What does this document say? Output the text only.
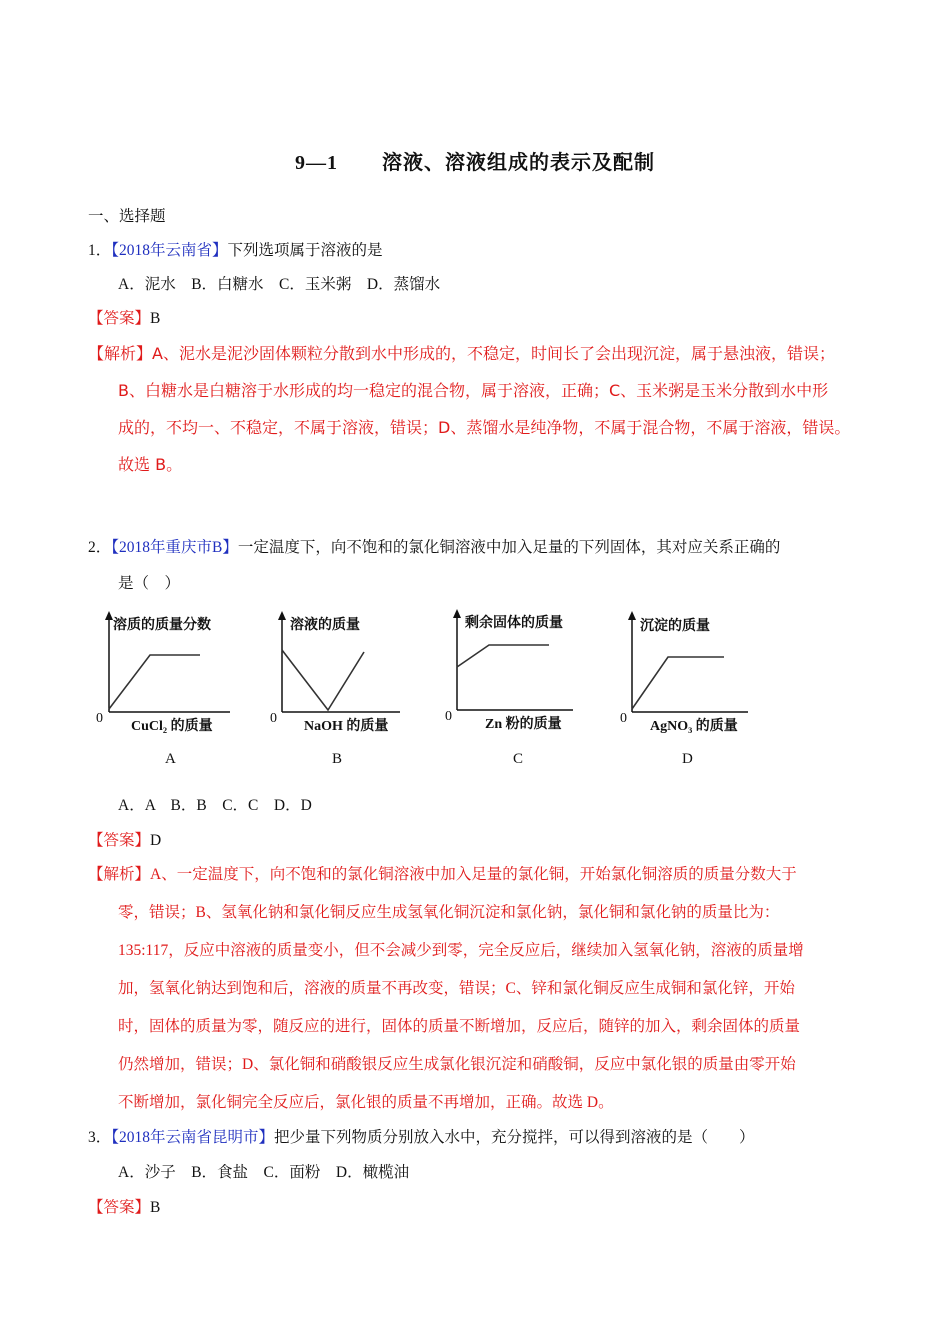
9—1 溶液、溶液组成的表示及配制
一、选择题
1．【2018年云南省】下列选项属于溶液的是
A．泥水　B．白糖水　C．玉米粥　D．蒸馏水
【答案】B
【解析】A、泥水是泥沙固体颗粒分散到水中形成的，不稳定，时间长了会出现沉淀，属于悬浊液，错误；
B、白糖水是白糖溶于水形成的均一稳定的混合物，属于溶液，正确；C、玉米粥是玉米分散到水中形
成的，不均一、不稳定，不属于溶液，错误；D、蒸馏水是纯净物，不属于混合物，不属于溶液，错误。
故选 B。
2．【2018年重庆市B】一定温度下，向不饱和的氯化铜溶液中加入足量的下列固体，其对应关系正确的
是（　）
溶质的质量分数
0
CuCl₂ 的质量
A
溶液的质量
0
NaOH 的质量
B
剩余固体的质量
0
Zn 粉的质量
C
沉淀的质量
0
AgNO₃ 的质量
D
A．A　B．B　C．C　D．D
【答案】D
【解析】A、一定温度下，向不饱和的氯化铜溶液中加入足量的氯化铜，开始氯化铜溶质的质量分数大于
零，错误；B、氢氧化钠和氯化铜反应生成氢氧化铜沉淀和氯化钠，氯化铜和氯化钠的质量比为：
135:117，反应中溶液的质量变小，但不会减少到零，完全反应后，继续加入氢氧化钠，溶液的质量增
加，氢氧化钠达到饱和后，溶液的质量不再改变，错误；C、锌和氯化铜反应生成铜和氯化锌，开始
时，固体的质量为零，随反应的进行，固体的质量不断增加，反应后，随锌的加入，剩余固体的质量
仍然增加，错误；D、氯化铜和硝酸银反应生成氯化银沉淀和硝酸铜，反应中氯化银的质量由零开始
不断增加，氯化铜完全反应后，氯化银的质量不再增加，正确。故选 D。
3．【2018年云南省昆明市】把少量下列物质分别放入水中，充分搅拌，可以得到溶液的是（　　）
A．沙子　B．食盐　C．面粉　D．橄榄油
【答案】B
